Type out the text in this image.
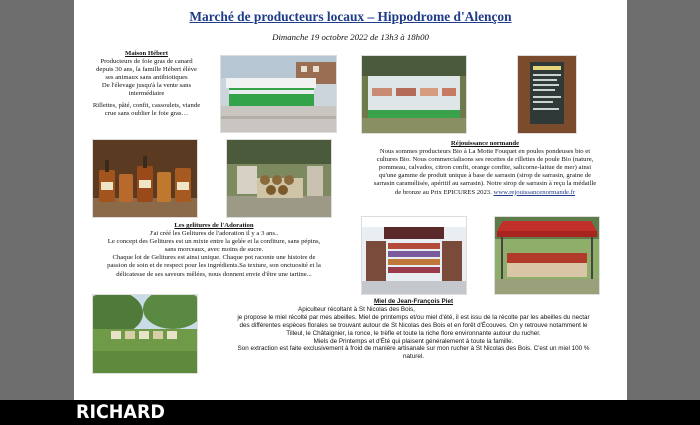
Marché de producteurs locaux – Hippodrome d'Alençon
Dimanche 19 octobre 2022 de 13h3 à 18h00
Maison Hébert

Producteurs de foie gras de canard

depuis 30 ans, la famille Hébert élève

ses animaux sans antibiotiques

De l'élevage jusqu'à la vente sans

intermédiaire

Rillettes, pâté, confit, cassoulets, viande

crue sans oublier le foie gras…

Réjouissance normande

Nous sommes producteurs Bio à La Motte Fouquet en poules pondeuses bio et

cultures Bio. Nous commercialisons ses recettes de rillettes de poule Bio (nature,

pommeau, calvados, citron confit, orange confite, salicorne-laitue de mer) ainsi

qu'une gamme de produit unique à base de sarrasin (sirop de sarrasin, graine de

sarrasin caramélisée, apéritif au sarrasin). Notre sirop de sarrasin à reçu la médaille

de bronze au Prix EPICURES 2023. www.rejouissancenormande.fr

Les gelitures de l'Adoration

J'ai créé les Gelitures de l'adoration il y a 3 ans..

Le concept des Gelitures est un mixte entre la gelée et la confiture, sans pépins,

sans morceaux, avec moins de sucre.

Chaque lot de Gelitures est ainsi unique. Chaque pot raconte une histoire de

passion de soin et de respect pour les ingrédients.Sa texture, son onctuosité et la

délicatesse de ses saveurs mêlées, nous donnent envie d'être une tartine...

Miel de Jean-François Piet

Apiculteur récoltant à St Nicolas des Bois,

je propose le miel récolté par mes abeilles. Miel de printemps et/ou miel d'été, il est issu de la récolte par les abeilles du nectar

des différentes espèces florales se trouvant autour de St Nicolas des Bois et en forêt d'Écouves. On y retrouve notamment le

Tilleul, le Châtaignier, la ronce, le trèfle et toute la riche flore environnante autour du rucher.

Miels de Printemps et d'Été qui plaisent généralement à toute la famille.

Son extraction est faite exclusivement à froid de manière artisanale sur mon rucher à St Nicolas des Bois. C'est un miel 100 %

naturel.

RICHARD
